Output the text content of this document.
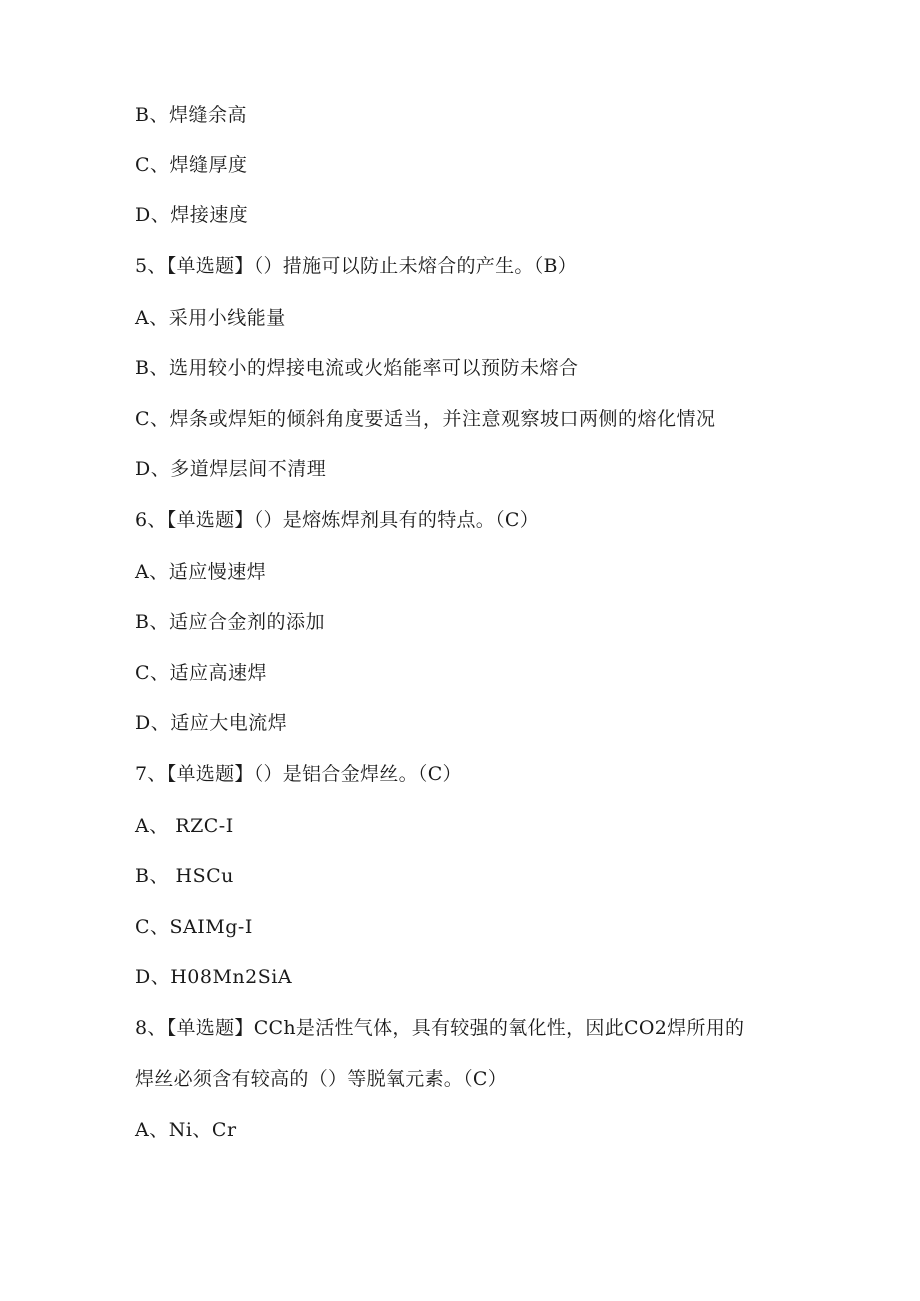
B、焊缝余高
C、焊缝厚度
D、焊接速度
5、【单选题】（）措施可以防止未熔合的产生。（B）
A、采用小线能量
B、选用较小的焊接电流或火焰能率可以预防未熔合
C、焊条或焊矩的倾斜角度要适当，并注意观察坡口两侧的熔化情况
D、多道焊层间不清理
6、【单选题】（）是熔炼焊剂具有的特点。（C）
A、适应慢速焊
B、适应合金剂的添加
C、适应高速焊
D、适应大电流焊
7、【单选题】（）是铝合金焊丝。（C）
A、 RZC-I
B、 HSCu
C、SAIMg-I
D、H08Mn2SiA
8、【单选题】CCh是活性气体，具有较强的氧化性，因此CO2焊所用的
焊丝必须含有较高的（）等脱氧元素。（C）
A、Ni、Cr
